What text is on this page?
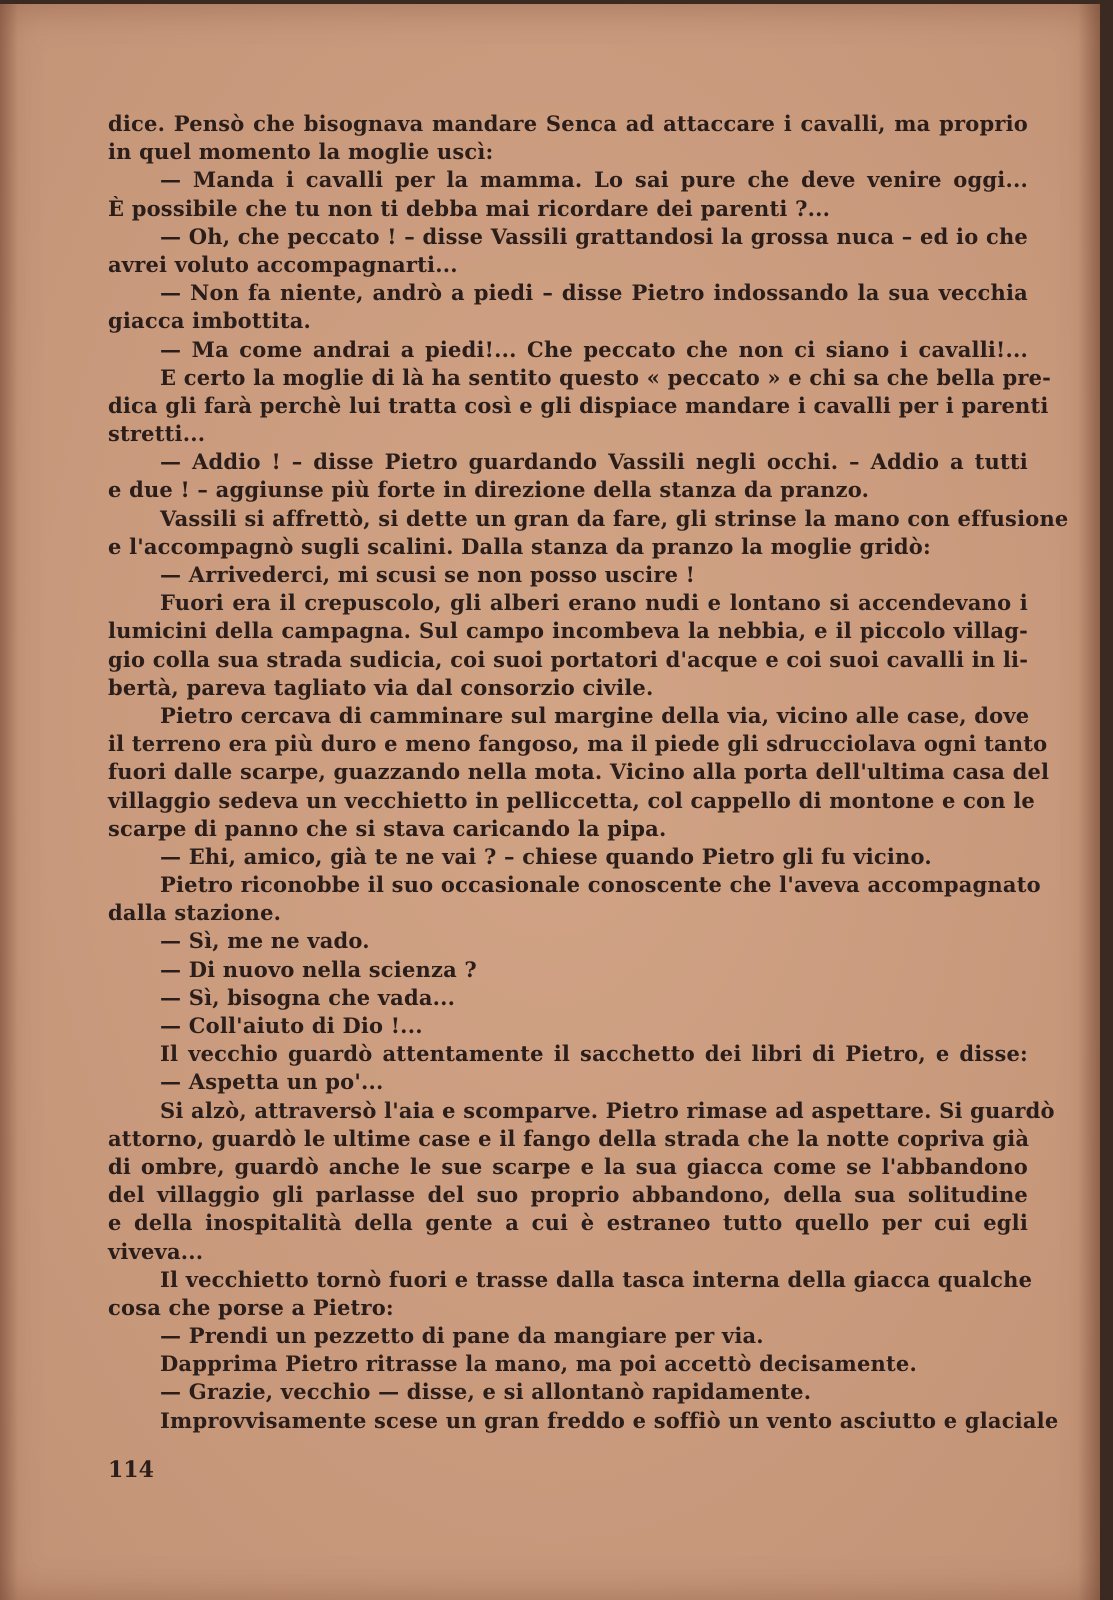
dice. Pensò che bisognava mandare Senca ad attaccare i cavalli, ma proprio
in quel momento la moglie uscì:
— Manda i cavalli per la mamma. Lo sai pure che deve venire oggi...
È possibile che tu non ti debba mai ricordare dei parenti ?...
— Oh, che peccato ! – disse Vassili grattandosi la grossa nuca – ed io che
avrei voluto accompagnarti...
— Non fa niente, andrò a piedi – disse Pietro indossando la sua vecchia
giacca imbottita.
— Ma come andrai a piedi!... Che peccato che non ci siano i cavalli!...
E certo la moglie di là ha sentito questo « peccato » e chi sa che bella pre-
dica gli farà perchè lui tratta così e gli dispiace mandare i cavalli per i parenti
stretti...
— Addio ! – disse Pietro guardando Vassili negli occhi. – Addio a tutti
e due ! – aggiunse più forte in direzione della stanza da pranzo.
Vassili si affrettò, si dette un gran da fare, gli strinse la mano con effusione
e l'accompagnò sugli scalini. Dalla stanza da pranzo la moglie gridò:
— Arrivederci, mi scusi se non posso uscire !
Fuori era il crepuscolo, gli alberi erano nudi e lontano si accendevano i
lumicini della campagna. Sul campo incombeva la nebbia, e il piccolo villag-
gio colla sua strada sudicia, coi suoi portatori d'acque e coi suoi cavalli in li-
bertà, pareva tagliato via dal consorzio civile.
Pietro cercava di camminare sul margine della via, vicino alle case, dove
il terreno era più duro e meno fangoso, ma il piede gli sdrucciolava ogni tanto
fuori dalle scarpe, guazzando nella mota. Vicino alla porta dell'ultima casa del
villaggio sedeva un vecchietto in pelliccetta, col cappello di montone e con le
scarpe di panno che si stava caricando la pipa.
— Ehi, amico, già te ne vai ? – chiese quando Pietro gli fu vicino.
Pietro riconobbe il suo occasionale conoscente che l'aveva accompagnato
dalla stazione.
— Sì, me ne vado.
— Di nuovo nella scienza ?
— Sì, bisogna che vada...
— Coll'aiuto di Dio !...
Il vecchio guardò attentamente il sacchetto dei libri di Pietro, e disse:
— Aspetta un po'...
Si alzò, attraversò l'aia e scomparve. Pietro rimase ad aspettare. Si guardò
attorno, guardò le ultime case e il fango della strada che la notte copriva già
di ombre, guardò anche le sue scarpe e la sua giacca come se l'abbandono
del villaggio gli parlasse del suo proprio abbandono, della sua solitudine
e della inospitalità della gente a cui è estraneo tutto quello per cui egli
viveva...
Il vecchietto tornò fuori e trasse dalla tasca interna della giacca qualche
cosa che porse a Pietro:
— Prendi un pezzetto di pane da mangiare per via.
Dapprima Pietro ritrasse la mano, ma poi accettò decisamente.
— Grazie, vecchio — disse, e si allontanò rapidamente.
Improvvisamente scese un gran freddo e soffiò un vento asciutto e glaciale
114
